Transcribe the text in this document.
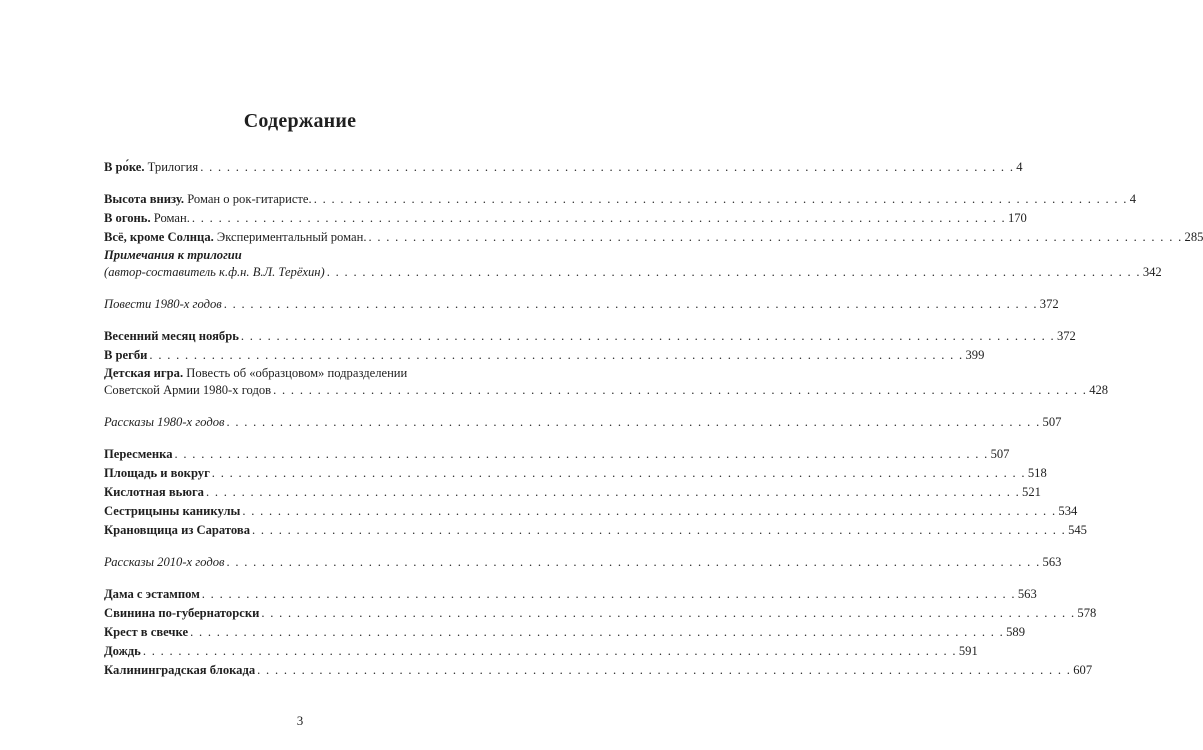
Содержание
В ро́ке. Трилогия . . .	4
Высота внизу. Роман о рок-гитаристе. . . .	4
В огонь. Роман. . . .	170
Всё, кроме Солнца. Экспериментальный роман. . . .	285
Примечания к трилогии
(автор-составитель к.ф.н. В.Л. Терёхин) . . .	342
Повести 1980-х годов . . .	372
Весенний месяц ноябрь . . .	372
В регби . . .	399
Детская игра. Повесть об «образцовом» подразделении
Советской Армии 1980-х годов . . .	428
Рассказы 1980-х годов . . .	507
Пересменка . . .	507
Площадь и вокруг . . .	518
Кислотная вьюга . . .	521
Сестрицыны каникулы . . .	534
Крановщица из Саратова . . .	545
Рассказы 2010-х годов . . .	563
Дама с эстампом . . .	563
Свинина по-губернаторски . . .	578
Крест в свечке . . .	589
Дождь . . .	591
Калининградская блокада . . .	607
3
